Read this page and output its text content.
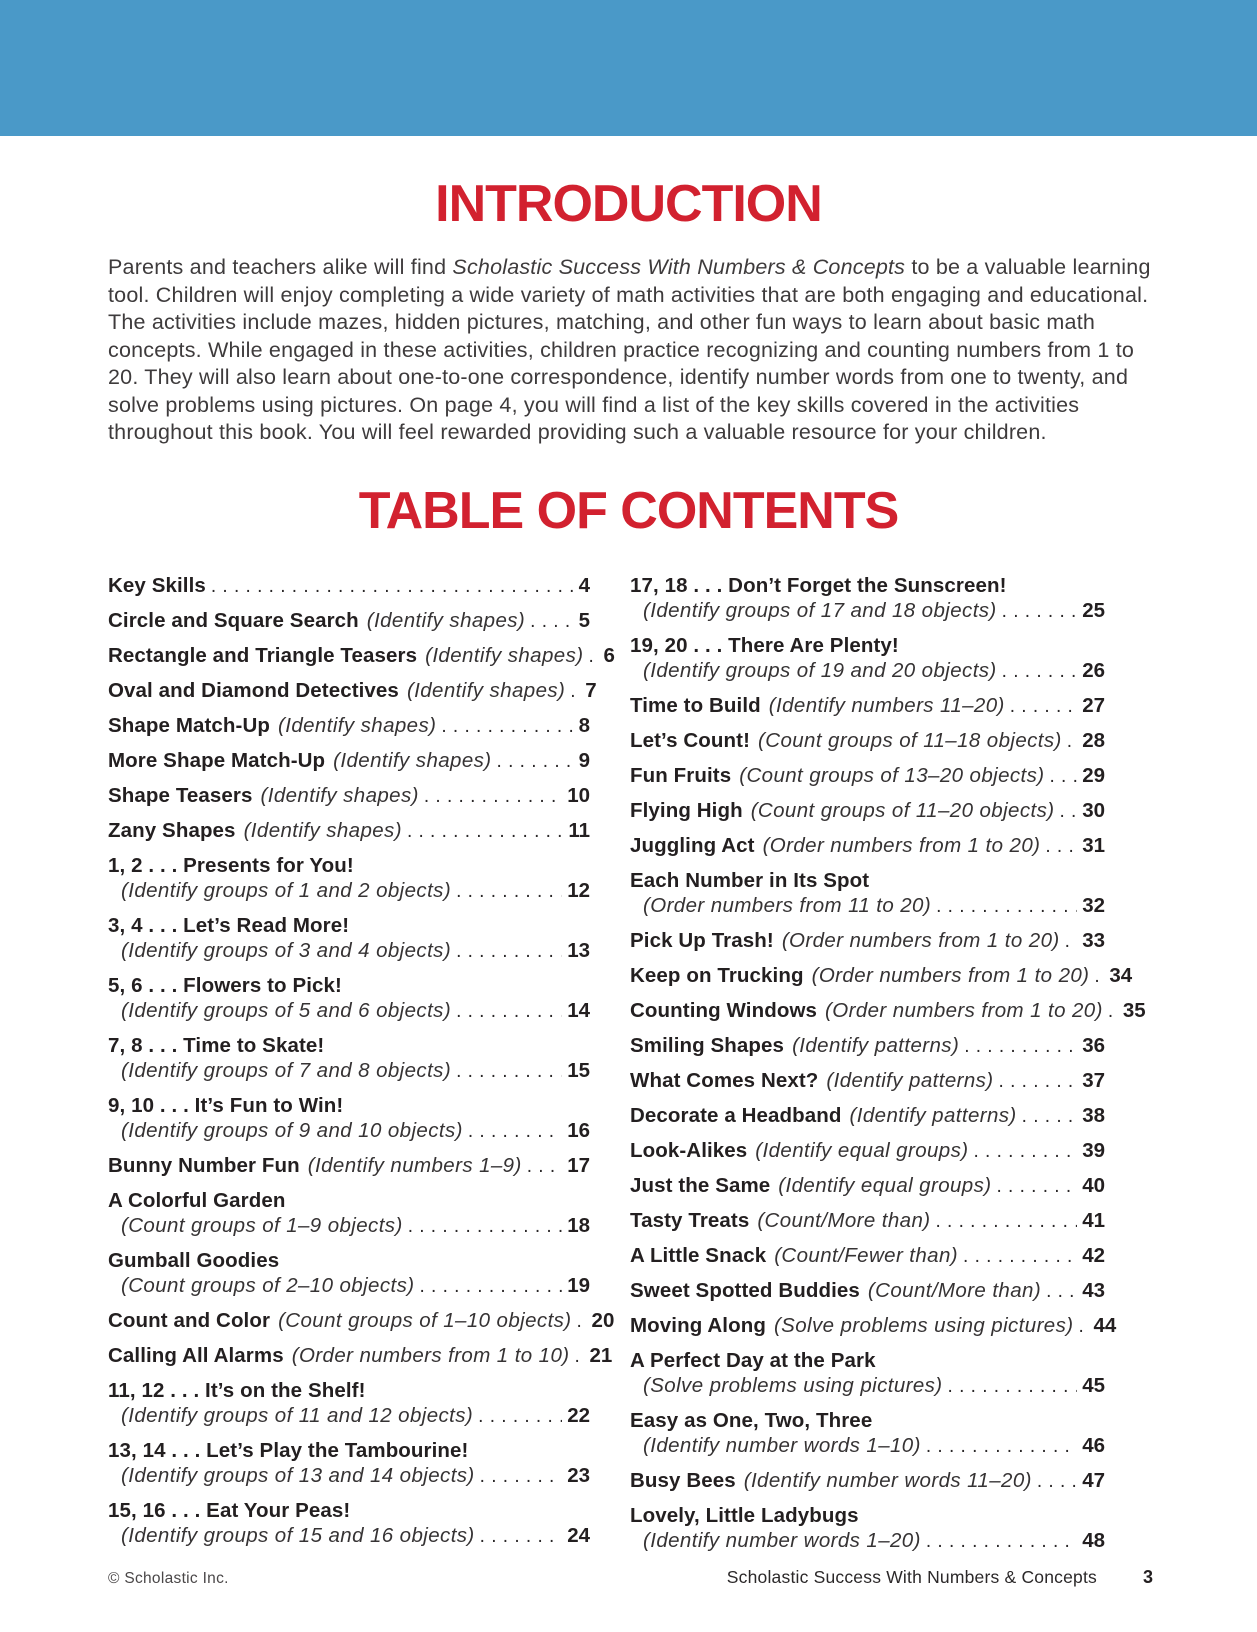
INTRODUCTION

Parents and teachers alike will find Scholastic Success With Numbers & Concepts to be a valuable learning tool. Children will enjoy completing a wide variety of math activities that are both engaging and educational. The activities include mazes, hidden pictures, matching, and other fun ways to learn about basic math concepts. While engaged in these activities, children practice recognizing and counting numbers from 1 to 20. They will also learn about one-to-one correspondence, identify number words from one to twenty, and solve problems using pictures. On page 4, you will find a list of the key skills covered in the activities throughout this book. You will feel rewarded providing such a valuable resource for your children.

TABLE OF CONTENTS
Key Skills . . .	4
Circle and Square Search (Identify shapes) . . .	5
Rectangle and Triangle Teasers (Identify shapes) . . . 6
Oval and Diamond Detectives (Identify shapes) . . . 7
Shape Match-Up (Identify shapes) . . .	8
More Shape Match-Up (Identify shapes) . . .	9
Shape Teasers (Identify shapes) . . .	10
Zany Shapes (Identify shapes) . . .	11
1, 2 . . . Presents for You!
(Identify groups of 1 and 2 objects) . . .	12
3, 4 . . . Let’s Read More!
(Identify groups of 3 and 4 objects) . . .	13
5, 6 . . . Flowers to Pick!
(Identify groups of 5 and 6 objects) . . .	14
7, 8 . . . Time to Skate!
(Identify groups of 7 and 8 objects) . . .	15
9, 10 . . . It’s Fun to Win!
(Identify groups of 9 and 10 objects) . . .	16
Bunny Number Fun (Identify numbers 1–9) . . . 17
A Colorful Garden
(Count groups of 1–9 objects) . . .	18
Gumball Goodies
(Count groups of 2–10 objects) . . .	19
Count and Color (Count groups of 1–10 objects) . . . 20
Calling All Alarms (Order numbers from 1 to 10) . . . 21
11, 12 . . . It’s on the Shelf!
(Identify groups of 11 and 12 objects) . . .	22
13, 14 . . . Let’s Play the Tambourine!
(Identify groups of 13 and 14 objects) . . .	23
15, 16 . . . Eat Your Peas!
(Identify groups of 15 and 16 objects) . . .	24
17, 18 . . . Don’t Forget the Sunscreen!
(Identify groups of 17 and 18 objects) . . .	25
19, 20 . . . There Are Plenty!
(Identify groups of 19 and 20 objects) . . .	26
Time to Build (Identify numbers 11–20) . . .	27
Let’s Count! (Count groups of 11–18 objects) . . . 28
Fun Fruits (Count groups of 13–20 objects) . . . 29
Flying High (Count groups of 11–20 objects) . . . 30
Juggling Act (Order numbers from 1 to 20) . . . 31
Each Number in Its Spot
(Order numbers from 11 to 20) . . .	32
Pick Up Trash! (Order numbers from 1 to 20) . . . 33
Keep on Trucking (Order numbers from 1 to 20) . . . 34
Counting Windows (Order numbers from 1 to 20) . . . 35
Smiling Shapes (Identify patterns) . . .	36
What Comes Next? (Identify patterns) . . .	37
Decorate a Headband (Identify patterns) . . .	38
Look-Alikes (Identify equal groups) . . .	39
Just the Same (Identify equal groups) . . .	40
Tasty Treats (Count/More than) . . .	41
A Little Snack (Count/Fewer than) . . .	42
Sweet Spotted Buddies (Count/More than) . . . 43
Moving Along (Solve problems using pictures) . . . 44
A Perfect Day at the Park
(Solve problems using pictures) . . .	45
Easy as One, Two, Three
(Identify number words 1–10) . . .	46
Busy Bees (Identify number words 11–20) . . . 47
Lovely, Little Ladybugs
(Identify number words 1–20) . . .	48
© Scholastic Inc.	Scholastic Success With Numbers & Concepts	3
